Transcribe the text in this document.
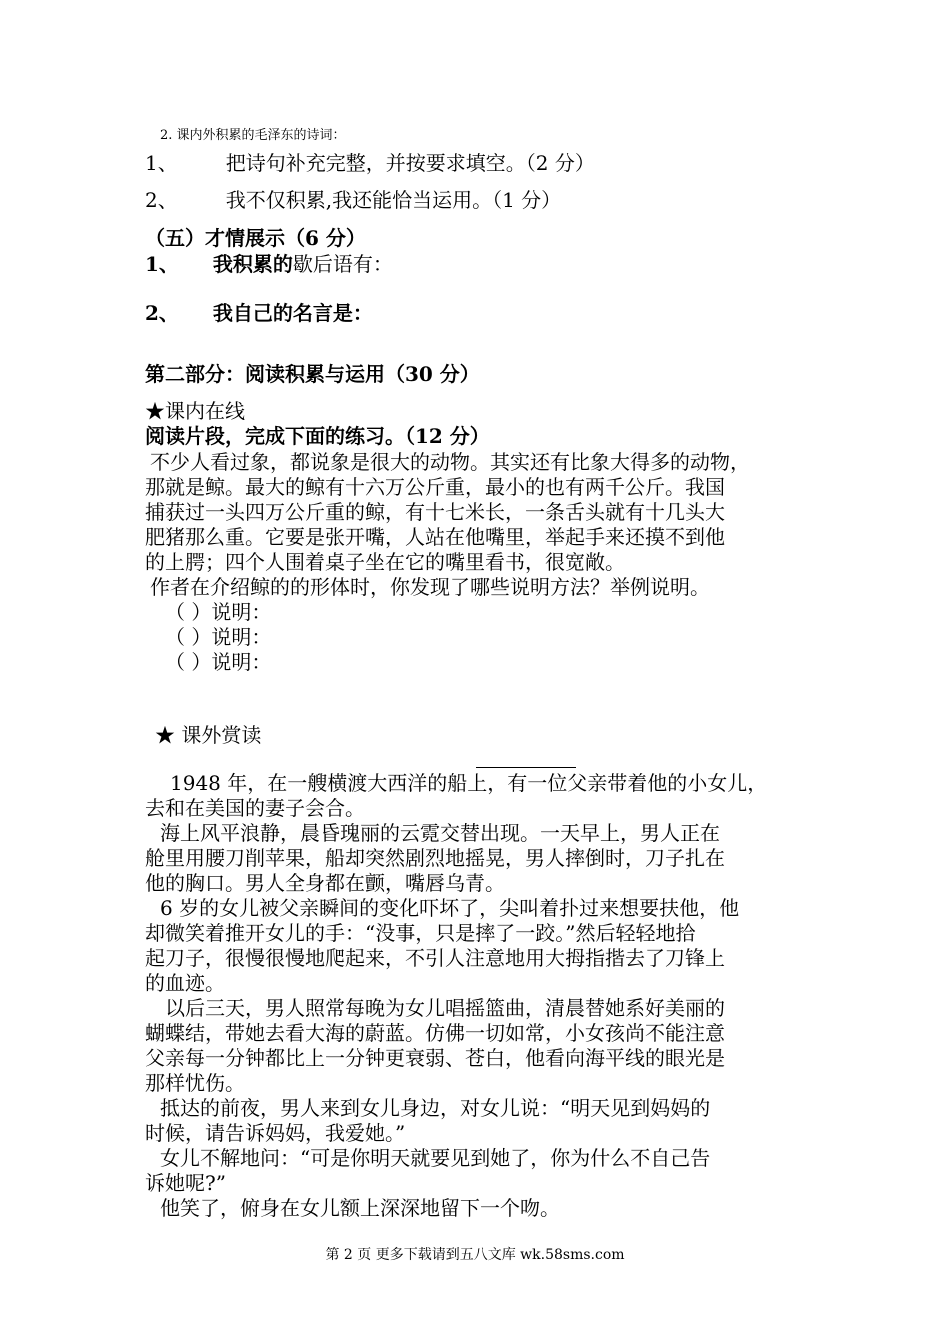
2. 课内外积累的毛泽东的诗词：
1、 把诗句补充完整，并按要求填空。（2 分）
2、 我不仅积累,我还能恰当运用。（1 分）
（五）才情展示（6 分）
1、 我积累的歇后语有：
2、 我自己的名言是：
第二部分：阅读积累与运用（30 分）
★课内在线
阅读片段，完成下面的练习。（12 分）
不少人看过象，都说象是很大的动物。其实还有比象大得多的动物，
那就是鲸。最大的鲸有十六万公斤重，最小的也有两千公斤。我国
捕获过一头四万公斤重的鲸，有十七米长，一条舌头就有十几头大
肥猪那么重。它要是张开嘴，人站在他嘴里，举起手来还摸不到他
的上腭；四个人围着桌子坐在它的嘴里看书，很宽敞。
作者在介绍鲸的的形体时，你发现了哪些说明方法？举例说明。
（ ）说明：
（ ）说明：
（ ）说明：
★ 课外赏读
1948 年，在一艘横渡大西洋的船上，有一位父亲带着他的小女儿，
去和在美国的妻子会合。
海上风平浪静，晨昏瑰丽的云霓交替出现。一天早上，男人正在
舱里用腰刀削苹果，船却突然剧烈地摇晃，男人摔倒时，刀子扎在
他的胸口。男人全身都在颤，嘴唇乌青。
6 岁的女儿被父亲瞬间的变化吓坏了，尖叫着扑过来想要扶他，他
却微笑着推开女儿的手：“没事，只是摔了一跤。”然后轻轻地拾
起刀子，很慢很慢地爬起来，不引人注意地用大拇指揩去了刀锋上
的血迹。
以后三天，男人照常每晚为女儿唱摇篮曲，清晨替她系好美丽的
蝴蝶结，带她去看大海的蔚蓝。仿佛一切如常，小女孩尚不能注意
父亲每一分钟都比上一分钟更衰弱、苍白，他看向海平线的眼光是
那样忧伤。
抵达的前夜，男人来到女儿身边，对女儿说：“明天见到妈妈的
时候，请告诉妈妈，我爱她。”
女儿不解地问：“可是你明天就要见到她了，你为什么不自己告
诉她呢?”
他笑了，俯身在女儿额上深深地留下一个吻。
第 2 页 更多下载请到五八文库 wk.58sms.com
